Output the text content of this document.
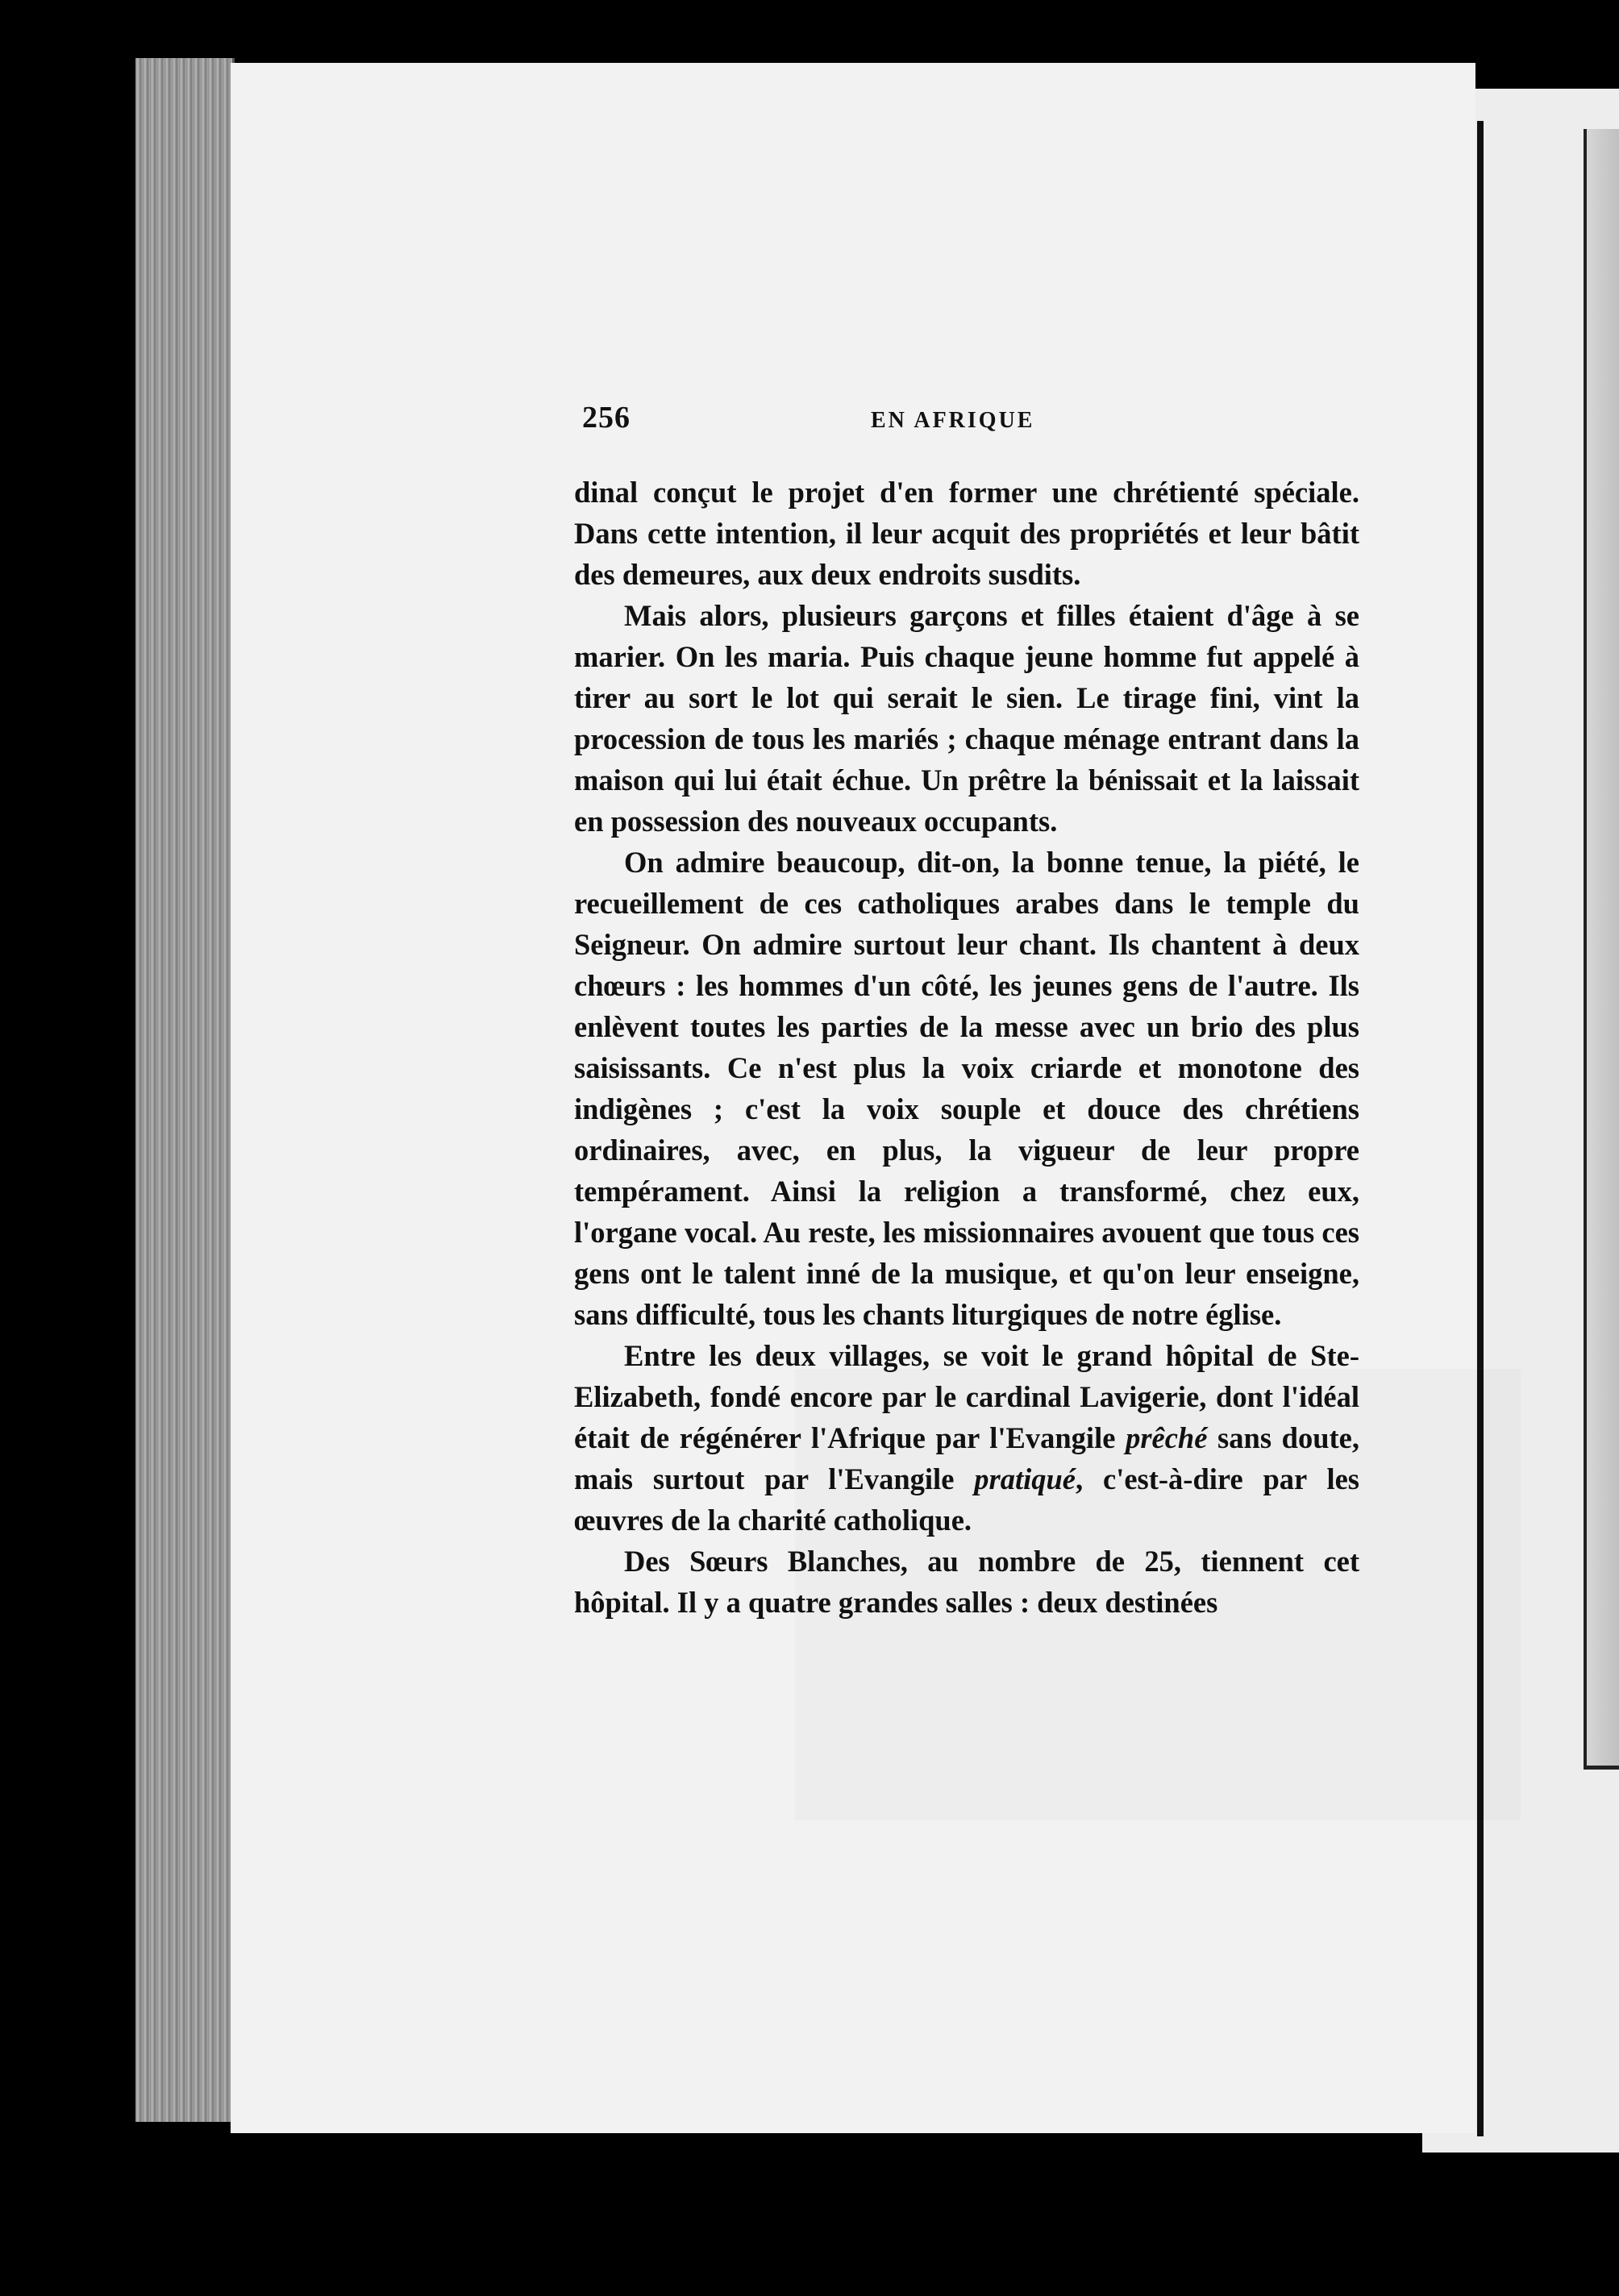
256	EN AFRIQUE

dinal conçut le projet d'en former une chrétienté spéciale. Dans cette intention, il leur acquit des propriétés et leur bâtit des demeures, aux deux endroits susdits.

Mais alors, plusieurs garçons et filles étaient d'âge à se marier. On les maria. Puis chaque jeune homme fut appelé à tirer au sort le lot qui serait le sien. Le tirage fini, vint la procession de tous les mariés ; chaque ménage entrant dans la maison qui lui était échue. Un prêtre la bénissait et la laissait en possession des nouveaux occupants.

On admire beaucoup, dit-on, la bonne tenue, la piété, le recueillement de ces catholiques arabes dans le temple du Seigneur. On admire surtout leur chant. Ils chantent à deux chœurs : les hommes d'un côté, les jeunes gens de l'autre. Ils enlèvent toutes les parties de la messe avec un brio des plus saisissants. Ce n'est plus la voix criarde et monotone des indigènes ; c'est la voix souple et douce des chrétiens ordinaires, avec, en plus, la vigueur de leur propre tempérament. Ainsi la religion a transformé, chez eux, l'organe vocal. Au reste, les missionnaires avouent que tous ces gens ont le talent inné de la musique, et qu'on leur enseigne, sans difficulté, tous les chants liturgiques de notre église.

Entre les deux villages, se voit le grand hôpital de Ste-Elizabeth, fondé encore par le cardinal Lavigerie, dont l'idéal était de régénérer l'Afrique par l'Evangile prêché sans doute, mais surtout par l'Evangile pratiqué, c'est-à-dire par les œuvres de la charité catholique.

Des Sœurs Blanches, au nombre de 25, tiennent cet hôpital. Il y a quatre grandes salles : deux destinées
